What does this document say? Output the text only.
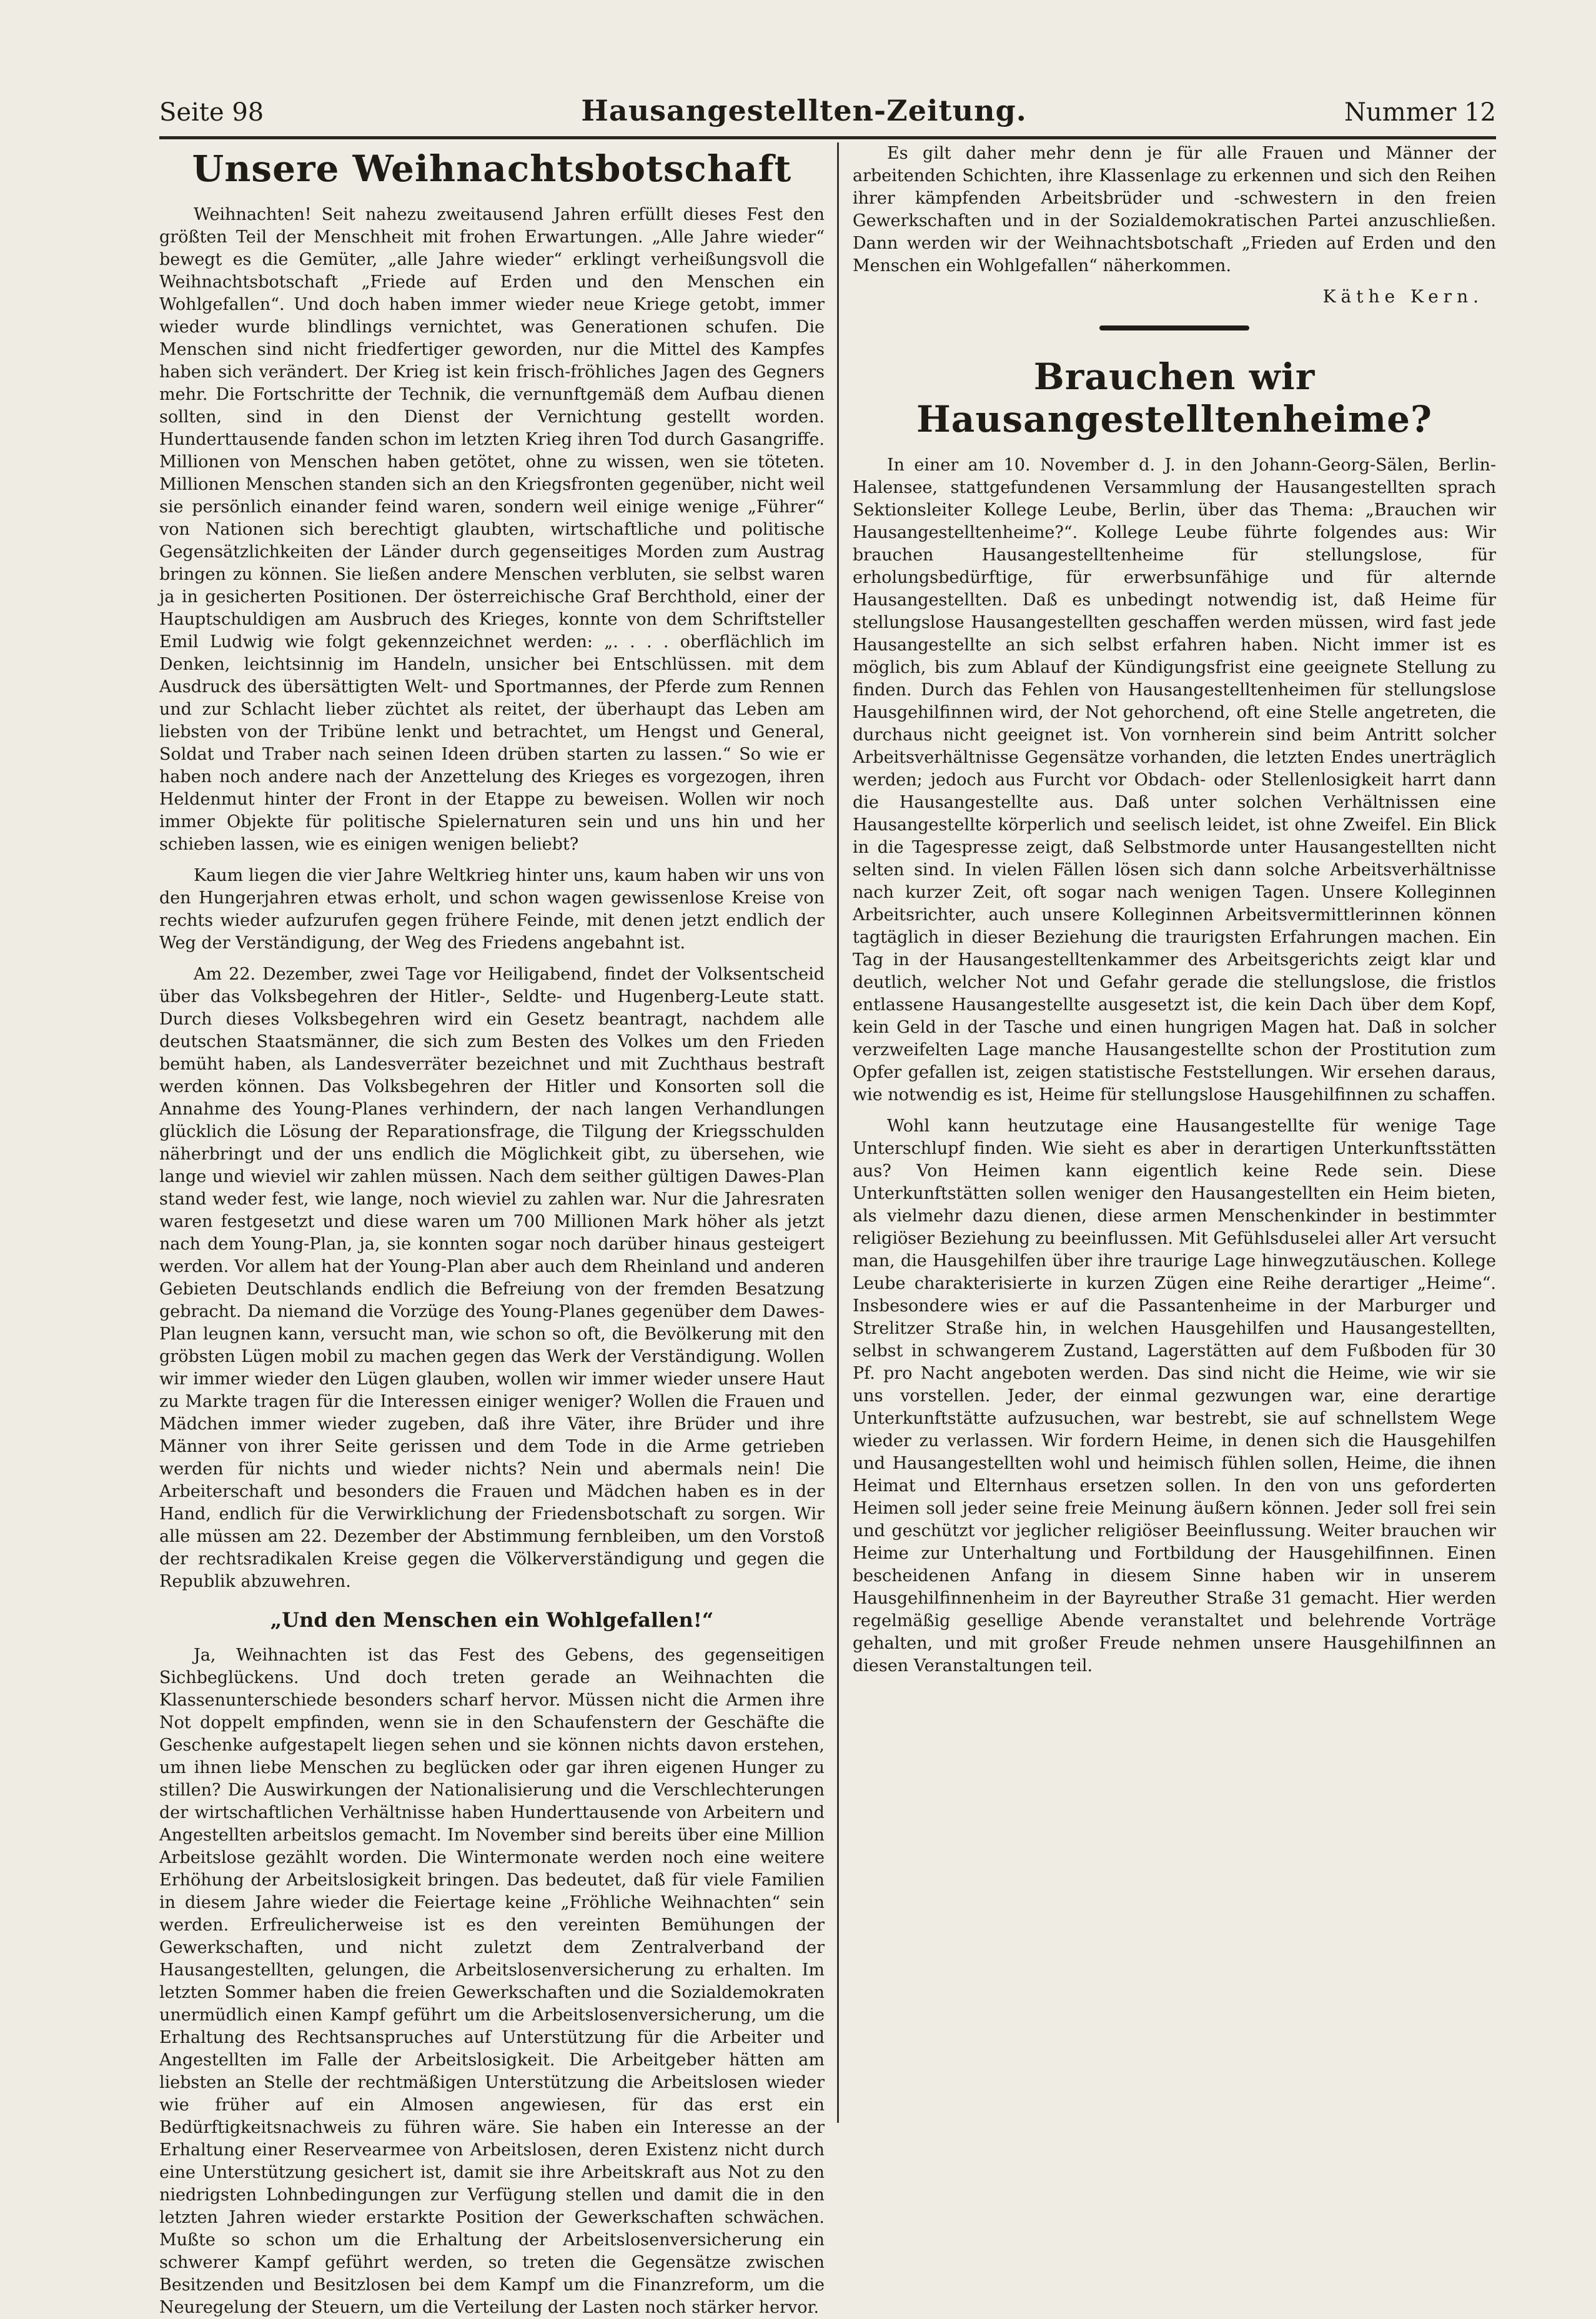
Seite 98	Hausangestellten-Zeitung.	Nummer 12
Unsere Weihnachtsbotschaft

Weihnachten! Seit nahezu zweitausend Jahren erfüllt dieses Fest den größten Teil der Menschheit mit frohen Erwartungen. „Alle Jahre wieder“ bewegt es die Gemüter, „alle Jahre wieder“ erklingt verheißungsvoll die Weihnachtsbotschaft „Friede auf Erden und den Menschen ein Wohlgefallen“. Und doch haben immer wieder neue Kriege getobt, immer wieder wurde blindlings vernichtet, was Generationen schufen. Die Menschen sind nicht friedfertiger geworden, nur die Mittel des Kampfes haben sich verändert. Der Krieg ist kein frisch-fröhliches Jagen des Gegners mehr. Die Fortschritte der Technik, die vernunftgemäß dem Aufbau dienen sollten, sind in den Dienst der Vernichtung gestellt worden. Hunderttausende fanden schon im letzten Krieg ihren Tod durch Gasangriffe. Millionen von Menschen haben getötet, ohne zu wissen, wen sie töteten. Millionen Menschen standen sich an den Kriegsfronten gegenüber, nicht weil sie persönlich einander feind waren, sondern weil einige wenige „Führer“ von Nationen sich berechtigt glaubten, wirtschaftliche und politische Gegensätzlichkeiten der Länder durch gegenseitiges Morden zum Austrag bringen zu können. Sie ließen andere Menschen verbluten, sie selbst waren ja in gesicherten Positionen. Der österreichische Graf Berchthold, einer der Hauptschuldigen am Ausbruch des Krieges, konnte von dem Schriftsteller Emil Ludwig wie folgt gekennzeichnet werden: „. . . . oberflächlich im Denken, leichtsinnig im Handeln, unsicher bei Entschlüssen. mit dem Ausdruck des übersättigten Welt- und Sportmannes, der Pferde zum Rennen und zur Schlacht lieber züchtet als reitet, der überhaupt das Leben am liebsten von der Tribüne lenkt und betrachtet, um Hengst und General, Soldat und Traber nach seinen Ideen drüben starten zu lassen.“ So wie er haben noch andere nach der Anzettelung des Krieges es vorgezogen, ihren Heldenmut hinter der Front in der Etappe zu beweisen. Wollen wir noch immer Objekte für politische Spielernaturen sein und uns hin und her schieben lassen, wie es einigen wenigen beliebt?

Kaum liegen die vier Jahre Weltkrieg hinter uns, kaum haben wir uns von den Hungerjahren etwas erholt, und schon wagen gewissenlose Kreise von rechts wieder aufzurufen gegen frühere Feinde, mit denen jetzt endlich der Weg der Verständigung, der Weg des Friedens angebahnt ist.

Am 22. Dezember, zwei Tage vor Heiligabend, findet der Volksentscheid über das Volksbegehren der Hitler-, Seldte- und Hugenberg-Leute statt. Durch dieses Volksbegehren wird ein Gesetz beantragt, nachdem alle deutschen Staatsmänner, die sich zum Besten des Volkes um den Frieden bemüht haben, als Landesverräter bezeichnet und mit Zuchthaus bestraft werden können. Das Volksbegehren der Hitler und Konsorten soll die Annahme des Young-Planes verhindern, der nach langen Verhandlungen glücklich die Lösung der Reparationsfrage, die Tilgung der Kriegsschulden näherbringt und der uns endlich die Möglichkeit gibt, zu übersehen, wie lange und wieviel wir zahlen müssen. Nach dem seither gültigen Dawes-Plan stand weder fest, wie lange, noch wieviel zu zahlen war. Nur die Jahresraten waren festgesetzt und diese waren um 700 Millionen Mark höher als jetzt nach dem Young-Plan, ja, sie konnten sogar noch darüber hinaus gesteigert werden. Vor allem hat der Young-Plan aber auch dem Rheinland und anderen Gebieten Deutschlands endlich die Befreiung von der fremden Besatzung gebracht. Da niemand die Vorzüge des Young-Planes gegenüber dem Dawes-Plan leugnen kann, versucht man, wie schon so oft, die Bevölkerung mit den gröbsten Lügen mobil zu machen gegen das Werk der Verständigung. Wollen wir immer wieder den Lügen glauben, wollen wir immer wieder unsere Haut zu Markte tragen für die Interessen einiger weniger? Wollen die Frauen und Mädchen immer wieder zugeben, daß ihre Väter, ihre Brüder und ihre Männer von ihrer Seite gerissen und dem Tode in die Arme getrieben werden für nichts und wieder nichts? Nein und abermals nein! Die Arbeiterschaft und besonders die Frauen und Mädchen haben es in der Hand, endlich für die Verwirklichung der Friedensbotschaft zu sorgen. Wir alle müssen am 22. Dezember der Abstimmung fernbleiben, um den Vorstoß der rechtsradikalen Kreise gegen die Völkerverständigung und gegen die Republik abzuwehren.

„Und den Menschen ein Wohlgefallen!“

Ja, Weihnachten ist das Fest des Gebens, des gegenseitigen Sichbeglückens. Und doch treten gerade an Weihnachten die Klassenunterschiede besonders scharf hervor. Müssen nicht die Armen ihre Not doppelt empfinden, wenn sie in den Schaufenstern der Geschäfte die Geschenke aufgestapelt liegen sehen und sie können nichts davon erstehen, um ihnen liebe Menschen zu beglücken oder gar ihren eigenen Hunger zu stillen? Die Auswirkungen der Nationalisierung und die Verschlechterungen der wirtschaftlichen Verhältnisse haben Hunderttausende von Arbeitern und Angestellten arbeitslos gemacht. Im November sind bereits über eine Million Arbeitslose gezählt worden. Die Wintermonate werden noch eine weitere Erhöhung der Arbeitslosigkeit bringen. Das bedeutet, daß für viele Familien in diesem Jahre wieder die Feiertage keine „Fröhliche Weihnachten“ sein werden. Erfreulicherweise ist es den vereinten Bemühungen der Gewerkschaften, und nicht zuletzt dem Zentralverband der Hausangestellten, gelungen, die Arbeitslosenversicherung zu erhalten. Im letzten Sommer haben die freien Gewerkschaften und die Sozialdemokraten unermüdlich einen Kampf geführt um die Arbeitslosenversicherung, um die Erhaltung des Rechtsanspruches auf Unterstützung für die Arbeiter und Angestellten im Falle der Arbeitslosigkeit. Die Arbeitgeber hätten am liebsten an Stelle der rechtmäßigen Unterstützung die Arbeitslosen wieder wie früher auf ein Almosen angewiesen, für das erst ein Bedürftigkeitsnachweis zu führen wäre. Sie haben ein Interesse an der Erhaltung einer Reservearmee von Arbeitslosen, deren Existenz nicht durch eine Unterstützung gesichert ist, damit sie ihre Arbeitskraft aus Not zu den niedrigsten Lohnbedingungen zur Verfügung stellen und damit die in den letzten Jahren wieder erstarkte Position der Gewerkschaften schwächen. Mußte so schon um die Erhaltung der Arbeitslosenversicherung ein schwerer Kampf geführt werden, so treten die Gegensätze zwischen Besitzenden und Besitzlosen bei dem Kampf um die Finanzreform, um die Neuregelung der Steuern, um die Verteilung der Lasten noch stärker hervor.

Es gilt daher mehr denn je für alle Frauen und Männer der arbeitenden Schichten, ihre Klassenlage zu erkennen und sich den Reihen ihrer kämpfenden Arbeitsbrüder und -schwestern in den freien Gewerkschaften und in der Sozialdemokratischen Partei anzuschließen. Dann werden wir der Weihnachtsbotschaft „Frieden auf Erden und den Menschen ein Wohlgefallen“ näherkommen.

Käthe Kern.
Brauchen wir Hausangestelltenheime?

In einer am 10. November d. J. in den Johann-Georg-Sälen, Berlin-Halensee, stattgefundenen Versammlung der Hausangestellten sprach Sektionsleiter Kollege Leube, Berlin, über das Thema: „Brauchen wir Hausangestelltenheime?“. Kollege Leube führte folgendes aus: Wir brauchen Hausangestelltenheime für stellungslose, für erholungsbedürftige, für erwerbsunfähige und für alternde Hausangestellten. Daß es unbedingt notwendig ist, daß Heime für stellungslose Hausangestellten geschaffen werden müssen, wird fast jede Hausangestellte an sich selbst erfahren haben. Nicht immer ist es möglich, bis zum Ablauf der Kündigungsfrist eine geeignete Stellung zu finden. Durch das Fehlen von Hausangestelltenheimen für stellungslose Hausgehilfinnen wird, der Not gehorchend, oft eine Stelle angetreten, die durchaus nicht geeignet ist. Von vornherein sind beim Antritt solcher Arbeitsverhältnisse Gegensätze vorhanden, die letzten Endes unerträglich werden; jedoch aus Furcht vor Obdach- oder Stellenlosigkeit harrt dann die Hausangestellte aus. Daß unter solchen Verhältnissen eine Hausangestellte körperlich und seelisch leidet, ist ohne Zweifel. Ein Blick in die Tagespresse zeigt, daß Selbstmorde unter Hausangestellten nicht selten sind. In vielen Fällen lösen sich dann solche Arbeitsverhältnisse nach kurzer Zeit, oft sogar nach wenigen Tagen. Unsere Kolleginnen Arbeitsrichter, auch unsere Kolleginnen Arbeitsvermittlerinnen können tagtäglich in dieser Beziehung die traurigsten Erfahrungen machen. Ein Tag in der Hausangestelltenkammer des Arbeitsgerichts zeigt klar und deutlich, welcher Not und Gefahr gerade die stellungslose, die fristlos entlassene Hausangestellte ausgesetzt ist, die kein Dach über dem Kopf, kein Geld in der Tasche und einen hungrigen Magen hat. Daß in solcher verzweifelten Lage manche Hausangestellte schon der Prostitution zum Opfer gefallen ist, zeigen statistische Feststellungen. Wir ersehen daraus, wie notwendig es ist, Heime für stellungslose Hausgehilfinnen zu schaffen.

Wohl kann heutzutage eine Hausangestellte für wenige Tage Unterschlupf finden. Wie sieht es aber in derartigen Unterkunftsstätten aus? Von Heimen kann eigentlich keine Rede sein. Diese Unterkunftstätten sollen weniger den Hausangestellten ein Heim bieten, als vielmehr dazu dienen, diese armen Menschenkinder in bestimmter religiöser Beziehung zu beeinflussen. Mit Gefühlsduselei aller Art versucht man, die Hausgehilfen über ihre traurige Lage hinwegzutäuschen. Kollege Leube charakterisierte in kurzen Zügen eine Reihe derartiger „Heime“. Insbesondere wies er auf die Passantenheime in der Marburger und Strelitzer Straße hin, in welchen Hausgehilfen und Hausangestellten, selbst in schwangerem Zustand, Lagerstätten auf dem Fußboden für 30 Pf. pro Nacht angeboten werden. Das sind nicht die Heime, wie wir sie uns vorstellen. Jeder, der einmal gezwungen war, eine derartige Unterkunftstätte aufzusuchen, war bestrebt, sie auf schnellstem Wege wieder zu verlassen. Wir fordern Heime, in denen sich die Hausgehilfen und Hausangestellten wohl und heimisch fühlen sollen, Heime, die ihnen Heimat und Elternhaus ersetzen sollen. In den von uns geforderten Heimen soll jeder seine freie Meinung äußern können. Jeder soll frei sein und geschützt vor jeglicher religiöser Beeinflussung. Weiter brauchen wir Heime zur Unterhaltung und Fortbildung der Hausgehilfinnen. Einen bescheidenen Anfang in diesem Sinne haben wir in unserem Hausgehilfinnenheim in der Bayreuther Straße 31 gemacht. Hier werden regelmäßig gesellige Abende veranstaltet und belehrende Vorträge gehalten, und mit großer Freude nehmen unsere Hausgehilfinnen an diesen Veranstaltungen teil.
